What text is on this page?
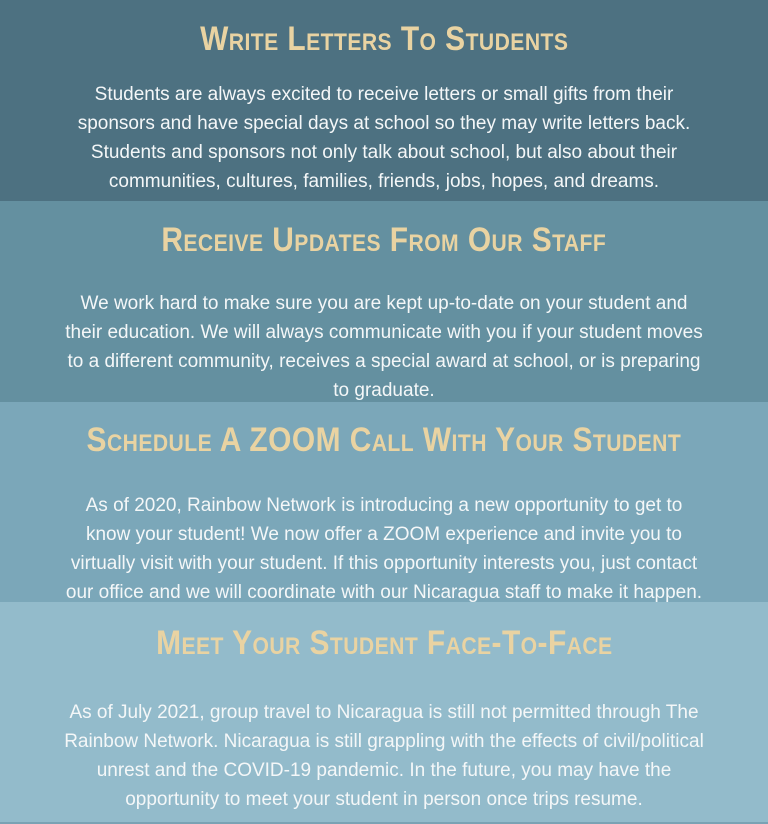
Write Letters To Students

Students are always excited to receive letters or small gifts from their
sponsors and have special days at school so they may write letters back.
Students and sponsors not only talk about school, but also about their
communities, cultures, families, friends, jobs, hopes, and dreams.

Receive Updates From Our Staff

We work hard to make sure you are kept up-to-date on your student and
their education. We will always communicate with you if your student moves
to a different community, receives a special award at school, or is preparing
to graduate.

Schedule A ZOOM Call With Your Student

As of 2020, Rainbow Network is introducing a new opportunity to get to
know your student! We now offer a ZOOM experience and invite you to
virtually visit with your student. If this opportunity interests you, just contact
our office and we will coordinate with our Nicaragua staff to make it happen.

Meet Your Student Face-To-Face

As of July 2021, group travel to Nicaragua is still not permitted through The
Rainbow Network. Nicaragua is still grappling with the effects of civil/political
unrest and the COVID-19 pandemic. In the future, you may have the
opportunity to meet your student in person once trips resume.
